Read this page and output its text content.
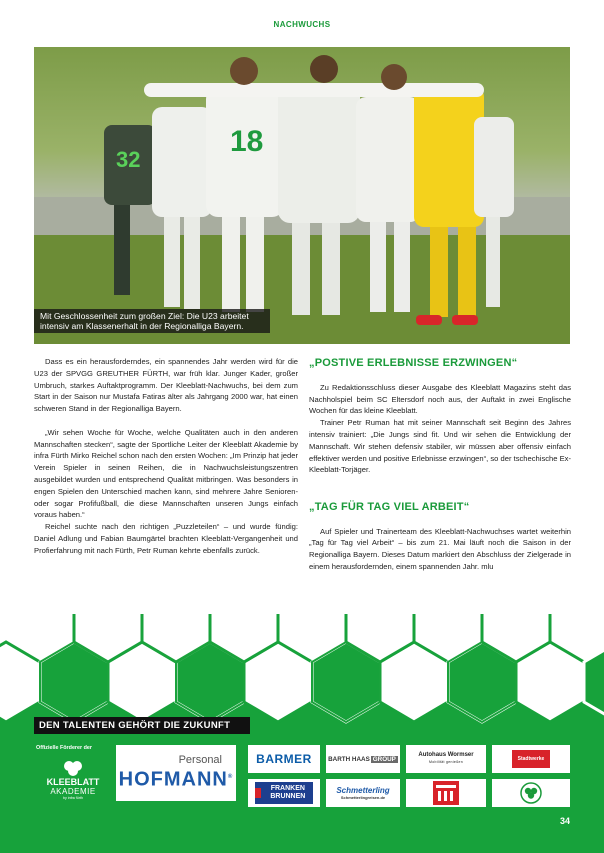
NACHWUCHS
32
18
Mit Geschlossenheit zum großen Ziel: Die U23 arbeitet intensiv am Klassenerhalt in der Regionalliga Bayern.

Dass es ein herausforderndes, ein spannendes Jahr werden wird für die U23 der SPVGG GREUTHER FÜRTH, war früh klar. Junger Kader, großer Umbruch, starkes Auftaktprogramm. Der Kleeblatt-Nachwuchs, bei dem zum Start in der Saison nur Mustafa Fatiras älter als Jahrgang 2000 war, hat einen schweren Stand in der Regionalliga Bayern.

„Wir sehen Woche für Woche, welche Qualitäten auch in den anderen Mannschaften stecken“, sagte der Sportliche Leiter der Kleeblatt Akademie by infra Fürth Mirko Reichel schon nach den ersten Wochen: „Im Prinzip hat jeder Verein Spieler in seinen Reihen, die in Nachwuchsleistungszentren ausgebildet wurden und entsprechend Qualität mitbringen. Was besonders in engen Spielen den Unterschied machen kann, sind mehrere Jahre Senioren- oder sogar Profifußball, die diese Mannschaften unseren Jungs einfach voraus haben.“

Reichel suchte nach den richtigen „Puzzleteilen“ – und wurde fündig: Daniel Adlung und Fabian Baumgärtel brachten Kleeblatt-Vergangenheit und Profierfahrung mit nach Fürth, Petr Ruman kehrte ebenfalls zurück.

„POSTIVE ERLEBNISSE ERZWINGEN“

Zu Redaktionsschluss dieser Ausgabe des Kleeblatt Magazins steht das Nachholspiel beim SC Eltersdorf noch aus, der Auftakt in zwei Englische Wochen für das kleine Kleeblatt.

Trainer Petr Ruman hat mit seiner Mannschaft seit Beginn des Jahres intensiv trainiert: „Die Jungs sind fit. Und wir sehen die Entwicklung der Mannschaft. Wir stehen defensiv stabiler, wir müssen aber offensiv einfach effektiver werden und positive Erlebnisse erzwingen“, so der tschechische Ex-Kleeblatt-Torjäger.

„TAG FÜR TAG VIEL ARBEIT“

Auf Spieler und Trainerteam des Kleeblatt-Nachwuchses wartet weiterhin „Tag für Tag viel Arbeit“ – bis zum 21. Mai läuft noch die Saison in der Regionalliga Bayern. Dieses Datum markiert den Abschluss der Zielgerade in einem herausfordernden, einem spannenden Jahr. mlu

DEN TALENTEN GEHÖRT DIE ZUKUNFT
Offizielle Förderer der
KLEEBLATT
AKADEMIE
by infra fürth
Personal
HOFMANN®
BARMER	BARTH
HAAS GROUP
Autohaus Wormser
Mobilität genießen	Stadtwerke
FRANKEN BRUNNEN
Schmetterling
Schmetterlingreisen.de
34
